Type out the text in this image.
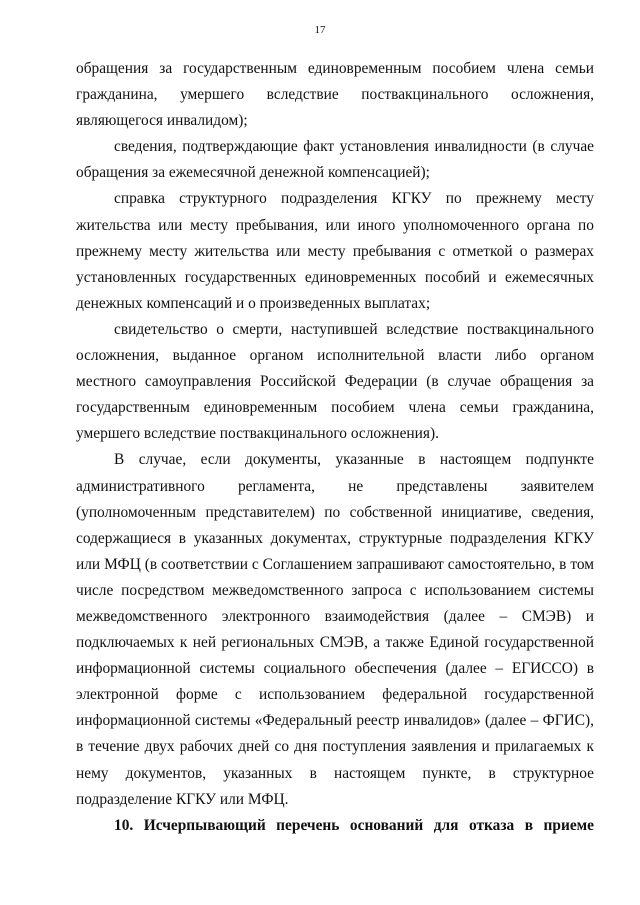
17

обращения за государственным единовременным пособием члена семьи гражданина, умершего вследствие поствакцинального осложнения, являющегося инвалидом);

сведения, подтверждающие факт установления инвалидности (в случае обращения за ежемесячной денежной компенсацией);

справка структурного подразделения КГКУ по прежнему месту жительства или месту пребывания, или иного уполномоченного органа по прежнему месту жительства или месту пребывания с отметкой о размерах установленных государственных единовременных пособий и ежемесячных денежных компенсаций и о произведенных выплатах;

свидетельство о смерти, наступившей вследствие поствакцинального осложнения, выданное органом исполнительной власти либо органом местного самоуправления Российской Федерации (в случае обращения за государственным единовременным пособием члена семьи гражданина, умершего вследствие поствакцинального осложнения).

В случае, если документы, указанные в настоящем подпункте административного регламента, не представлены заявителем (уполномоченным представителем) по собственной инициативе, сведения, содержащиеся в указанных документах, структурные подразделения КГКУ или МФЦ (в соответствии с Соглашением запрашивают самостоятельно, в том числе посредством межведомственного запроса с использованием системы межведомственного электронного взаимодействия (далее – СМЭВ) и подключаемых к ней региональных СМЭВ, а также Единой государственной информационной системы социального обеспечения (далее – ЕГИССО) в электронной форме с использованием федеральной государственной информационной системы «Федеральный реестр инвалидов» (далее – ФГИС), в течение двух рабочих дней со дня поступления заявления и прилагаемых к нему документов, указанных в настоящем пункте, в структурное подразделение КГКУ или МФЦ.

10. Исчерпывающий перечень оснований для отказа в приеме
